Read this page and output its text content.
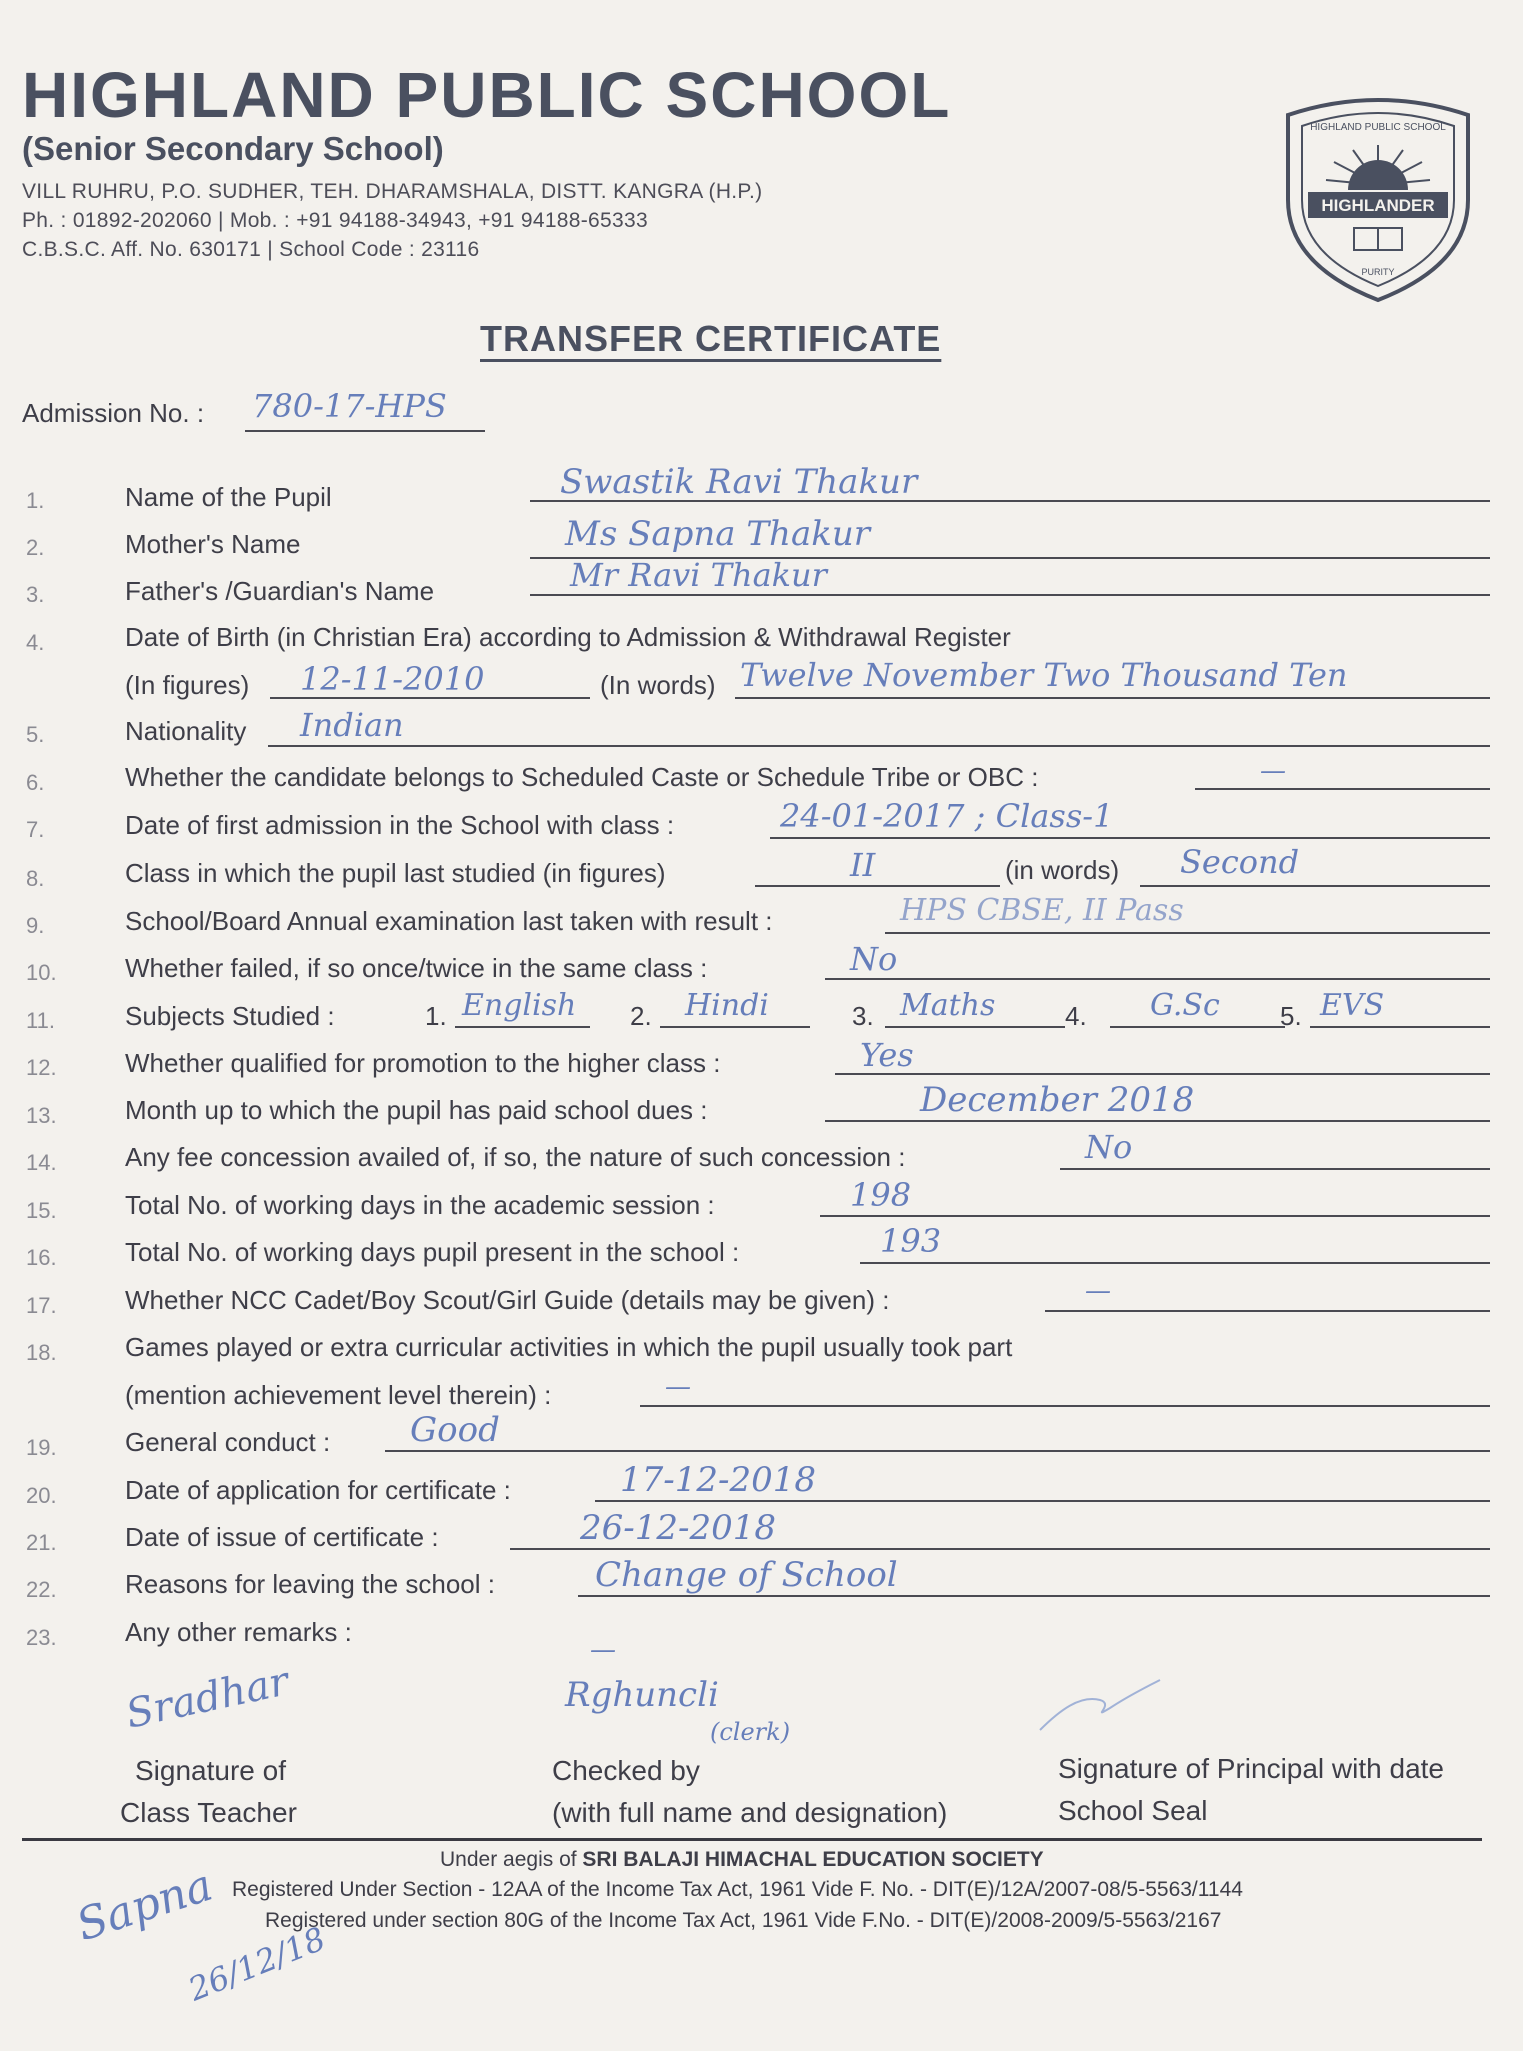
HIGHLAND PUBLIC SCHOOL
(Senior Secondary School)
VILL RUHRU, P.O. SUDHER, TEH. DHARAMSHALA, DISTT. KANGRA (H.P.)
Ph. : 01892-202060 | Mob. : +91 94188-34943, +91 94188-65333
C.B.S.C. Aff. No. 630171 | School Code : 23116
HIGHLAND PUBLIC SCHOOL
HIGHLANDER
PURITY
TRANSFER CERTIFICATE
Admission No. : 780-17-HPS
1.	Name of the Pupil	Swastik Ravi Thakur
2.	Mother's Name	Ms Sapna Thakur
3.	Father's /Guardian's Name	Mr Ravi Thakur
4.	Date of Birth (in Christian Era) according to Admission & Withdrawal Register
(In figures) 12-11-2010	(In words) Twelve November Two Thousand Ten
5.	Nationality Indian
6.	Whether the candidate belongs to Scheduled Caste or Schedule Tribe or OBC :	—
7.	Date of first admission in the School with class :	24-01-2017 ; Class-1
8.	Class in which the pupil last studied (in figures)	II	(in words) Second
9.	School/Board Annual examination last taken with result :	HPS CBSE, II Pass
10.	Whether failed, if so once/twice in the same class :	No
11.	Subjects Studied :	1. English 2. Hindi	3. Maths	4. G.Sc 5. EVS
12.	Whether qualified for promotion to the higher class :	Yes
13.	Month up to which the pupil has paid school dues :	December 2018
14.	Any fee concession availed of, if so, the nature of such concession :	No
15.	Total No. of working days in the academic session :	198
16.	Total No. of working days pupil present in the school :	193
17.	Whether NCC Cadet/Boy Scout/Girl Guide (details may be given) :	—
18.	Games played or extra curricular activities in which the pupil usually took part
(mention achievement level therein) :	—
19.	General conduct : Good
20.	Date of application for certificate :	17-12-2018
21.	Date of issue of certificate :	26-12-2018
22.	Reasons for leaving the school :	Change of School
23.	Any other remarks :
—
Sradhar
Signature of
Class Teacher
Rghuncli
(clerk)
Checked by
(with full name and designation)
Signature of Principal with date
School Seal
Under aegis of SRI BALAJI HIMACHAL EDUCATION SOCIETY
Registered Under Section - 12AA of the Income Tax Act, 1961 Vide F. No. - DIT(E)/12A/2007-08/5-5563/1144
Registered under section 80G of the Income Tax Act, 1961 Vide F.No. - DIT(E)/2008-2009/5-5563/2167
Sapna
26/12/18
